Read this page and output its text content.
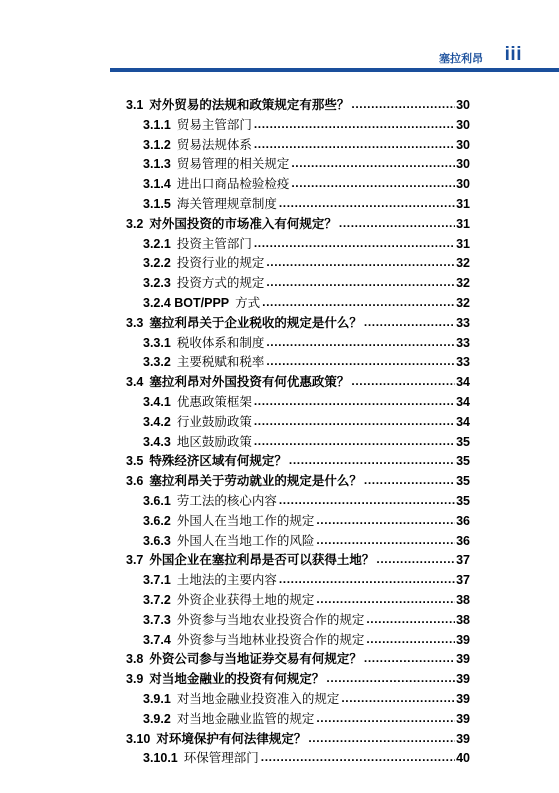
塞拉利昂 iii
3.1 对外贸易的法规和政策规定有那些？ .....	30
3.1.1 贸易主管部门 .....	30
3.1.2 贸易法规体系 .....	30
3.1.3 贸易管理的相关规定 .....	30
3.1.4 进出口商品检验检疫 .....	30
3.1.5 海关管理规章制度 .....	31
3.2 对外国投资的市场准入有何规定？ .....	31
3.2.1 投资主管部门 .....	31
3.2.2 投资行业的规定 .....	32
3.2.3 投资方式的规定 .....	32
3.2.4 BOT/PPP 方式 .....	32
3.3 塞拉利昂关于企业税收的规定是什么？ .....	33
3.3.1 税收体系和制度 .....	33
3.3.2 主要税赋和税率 .....	33
3.4 塞拉利昂对外国投资有何优惠政策？ .....	34
3.4.1 优惠政策框架 .....	34
3.4.2 行业鼓励政策 .....	34
3.4.3 地区鼓励政策 .....	35
3.5 特殊经济区域有何规定？ .....	35
3.6 塞拉利昂关于劳动就业的规定是什么？ .....	35
3.6.1 劳工法的核心内容 .....	35
3.6.2 外国人在当地工作的规定 .....	36
3.6.3 外国人在当地工作的风险 .....	36
3.7 外国企业在塞拉利昂是否可以获得土地？ .....	37
3.7.1 土地法的主要内容 .....	37
3.7.2 外资企业获得土地的规定 .....	38
3.7.3 外资参与当地农业投资合作的规定 .....	38
3.7.4 外资参与当地林业投资合作的规定 .....	39
3.8 外资公司参与当地证券交易有何规定？ .....	39
3.9 对当地金融业的投资有何规定？ .....	39
3.9.1 对当地金融业投资准入的规定 .....	39
3.9.2 对当地金融业监管的规定 .....	39
3.10 对环境保护有何法律规定？ .....	39
3.10.1 环保管理部门 .....	40
